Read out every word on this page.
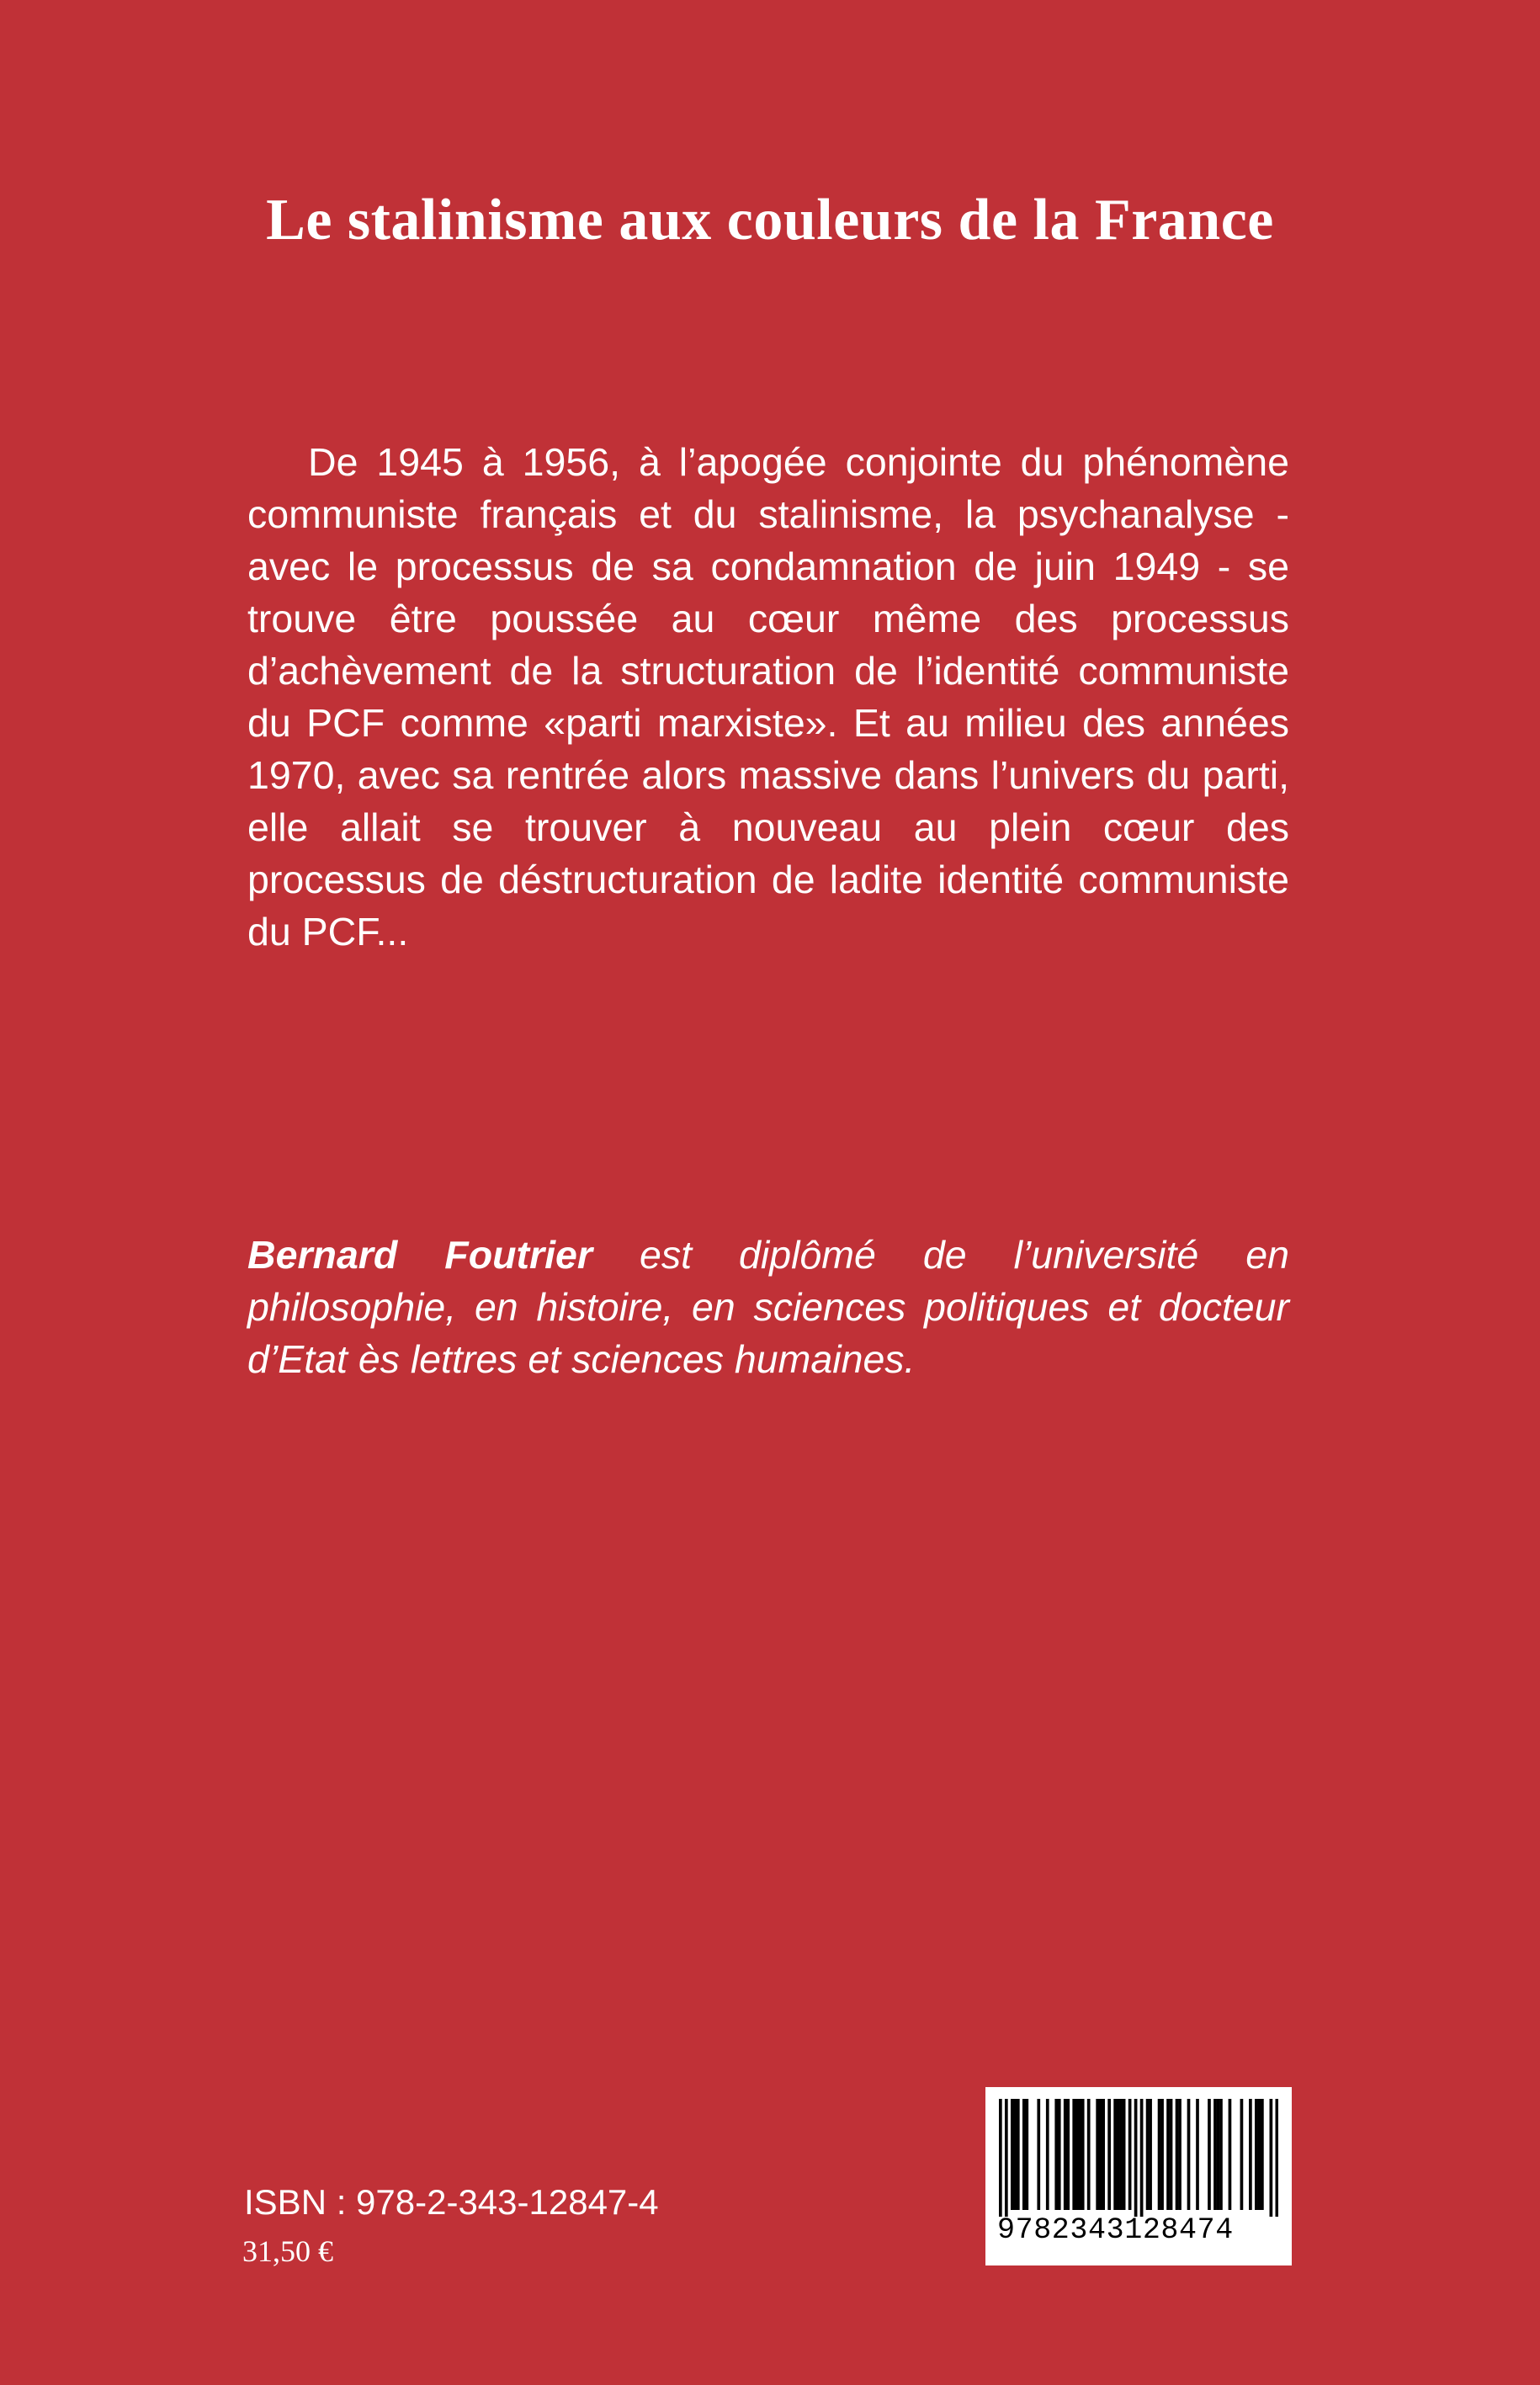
Le stalinisme aux couleurs de la France

De 1945 à 1956, à l’apogée conjointe du phénomène communiste français et du stalinisme, la psychanalyse - avec le processus de sa condamnation de juin 1949 - se trouve être poussée au cœur même des processus d’achèvement de la structuration de l’identité communiste du PCF comme «parti marxiste». Et au milieu des années 1970, avec sa rentrée alors massive dans l’univers du parti, elle allait se trouver à nouveau au plein cœur des processus de déstructuration de ladite identité communiste du PCF...

Bernard Foutrier est diplômé de l’université en philosophie, en histoire, en sciences politiques et docteur d’Etat ès lettres et sciences humaines.

ISBN : 978-2-343-12847-4
31,50 €
9782343128474
